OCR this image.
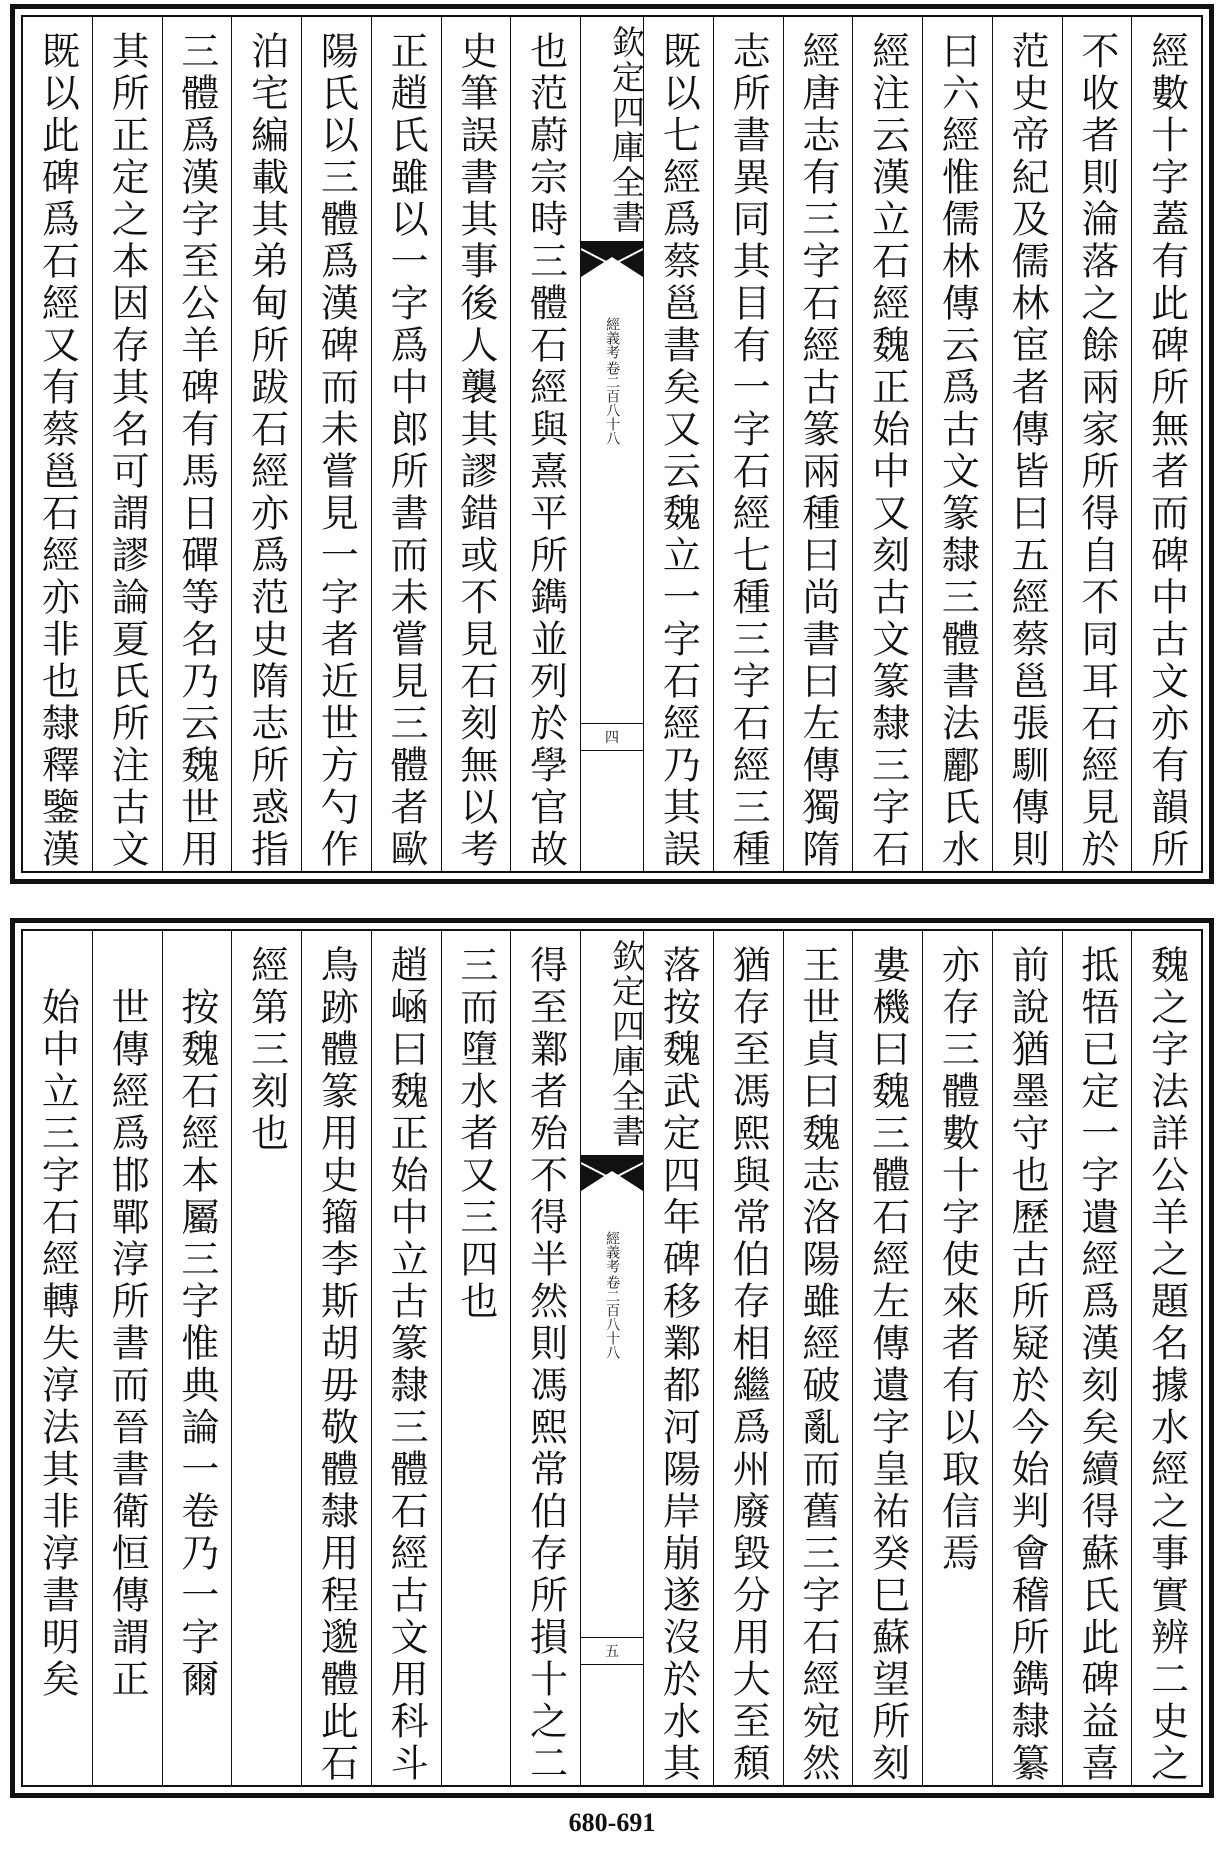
經數十字蓋有此碑所無者而碑中古文亦有韻所
不收者則淪落之餘兩家所得自不同耳石經見於
范史帝紀及儒林宦者傳皆曰五經蔡邕張馴傳則
曰六經惟儒林傳云爲古文篆隸三體書法酈氏水
經注云漢立石經魏正始中又刻古文篆隸三字石
經唐志有三字石經古篆兩種曰尚書曰左傳獨隋
志所書異同其目有一字石經七種三字石經三種
既以七經爲蔡邕書矣又云魏立一字石經乃其誤
欽定四庫全書
經義考
卷二百八十八
四
也范蔚宗時三體石經與熹平所鐫並列於學官故
史筆誤書其事後人襲其謬錯或不見石刻無以考
正趙氏雖以一字爲中郎所書而未嘗見三體者歐
陽氏以三體爲漢碑而未嘗見一字者近世方勺作
泊宅編載其弟甸所跋石經亦爲范史隋志所惑指
三體爲漢字至公羊碑有馬日磾等名乃云魏世用
其所正定之本因存其名可謂謬論夏氏所注古文
既以此碑爲石經又有蔡邕石經亦非也隸釋鑒漢
魏之字法詳公羊之題名據水經之事實辨二史之
抵牾已定一字遺經爲漢刻矣續得蘇氏此碑益喜
前說猶墨守也歷古所疑於今始判會稽所鐫隸纂
亦存三體數十字使來者有以取信焉
婁機曰魏三體石經左傳遺字皇祐癸巳蘇望所刻
王世貞曰魏志洛陽雖經破亂而舊三字石經宛然
猶存至馮熙與常伯存相繼爲州廢毀分用大至頹
落按魏武定四年碑移鄴都河陽岸崩遂沒於水其
欽定四庫全書
經義考
卷二百八十八
五
得至鄴者殆不得半然則馮熙常伯存所損十之二
三而墮水者又三四也
趙崡曰魏正始中立古篆隸三體石經古文用科斗
鳥跡體篆用史籀李斯胡毋敬體隸用程邈體此石
經第三刻也
　按魏石經本屬三字惟典論一卷乃一字爾
　世傳經爲邯鄲淳所書而晉書衛恒傳謂正
　始中立三字石經轉失淳法其非淳書明矣
680-691
